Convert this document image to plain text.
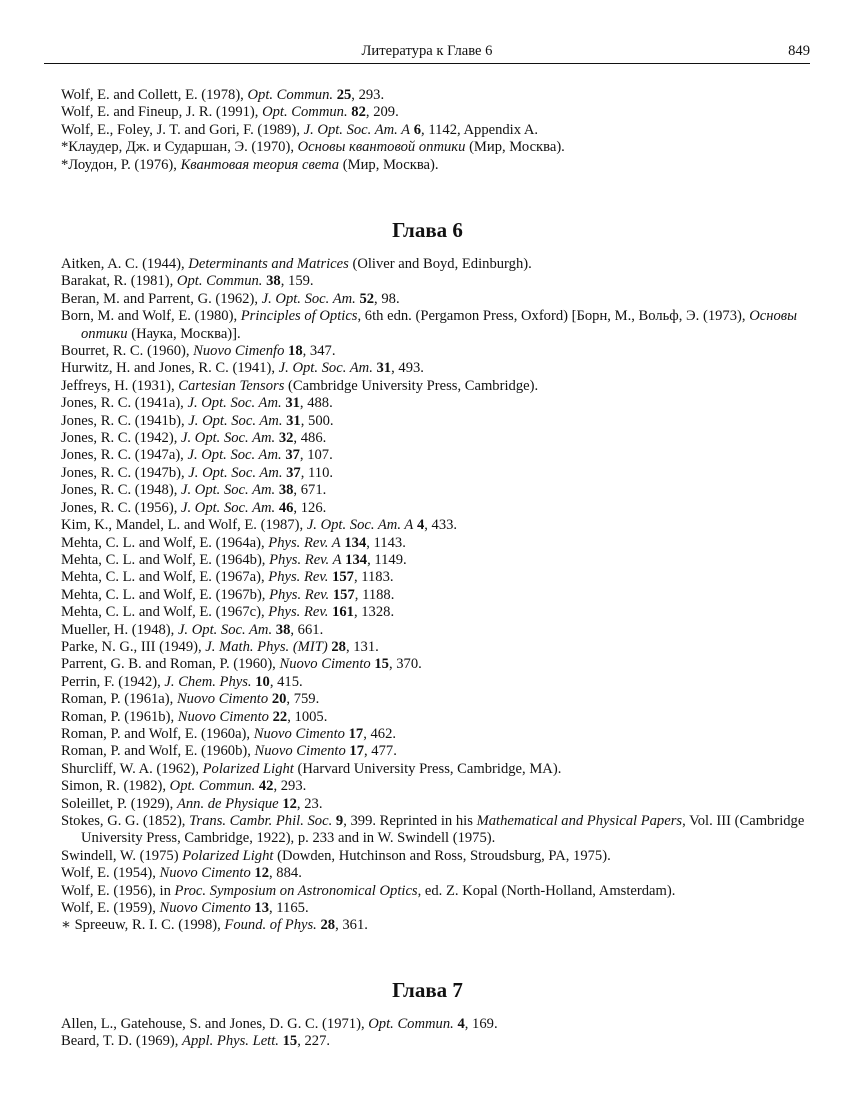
Литература к Главе 6	849
Wolf, E. and Collett, E. (1978), Opt. Commun. 25, 293.
Wolf, E. and Fineup, J. R. (1991), Opt. Commun. 82, 209.
Wolf, E., Foley, J. T. and Gori, F. (1989), J. Opt. Soc. Am. A 6, 1142, Appendix A.
*Клаудер, Дж. и Сударшан, Э. (1970), Основы квантовой оптики (Мир, Москва).
*Лоудон, Р. (1976), Квантовая теория света (Мир, Москва).
Глава 6
Aitken, A. C. (1944), Determinants and Matrices (Oliver and Boyd, Edinburgh).
Barakat, R. (1981), Opt. Commun. 38, 159.
Beran, M. and Parrent, G. (1962), J. Opt. Soc. Am. 52, 98.
Born, M. and Wolf, E. (1980), Principles of Optics, 6th edn. (Pergamon Press, Oxford) [Борн, М., Вольф, Э. (1973), Основы оптики (Наука, Москва)].
Bourret, R. C. (1960), Nuovo Cimenfo 18, 347.
Hurwitz, H. and Jones, R. C. (1941), J. Opt. Soc. Am. 31, 493.
Jeffreys, H. (1931), Cartesian Tensors (Cambridge University Press, Cambridge).
Jones, R. C. (1941a), J. Opt. Soc. Am. 31, 488.
Jones, R. C. (1941b), J. Opt. Soc. Am. 31, 500.
Jones, R. C. (1942), J. Opt. Soc. Am. 32, 486.
Jones, R. C. (1947a), J. Opt. Soc. Am. 37, 107.
Jones, R. C. (1947b), J. Opt. Soc. Am. 37, 110.
Jones, R. C. (1948), J. Opt. Soc. Am. 38, 671.
Jones, R. C. (1956), J. Opt. Soc. Am. 46, 126.
Kim, K., Mandel, L. and Wolf, E. (1987), J. Opt. Soc. Am. A 4, 433.
Mehta, C. L. and Wolf, E. (1964a), Phys. Rev. A 134, 1143.
Mehta, C. L. and Wolf, E. (1964b), Phys. Rev. A 134, 1149.
Mehta, C. L. and Wolf, E. (1967a), Phys. Rev. 157, 1183.
Mehta, C. L. and Wolf, E. (1967b), Phys. Rev. 157, 1188.
Mehta, C. L. and Wolf, E. (1967c), Phys. Rev. 161, 1328.
Mueller, H. (1948), J. Opt. Soc. Am. 38, 661.
Parke, N. G., III (1949), J. Math. Phys. (MIT) 28, 131.
Parrent, G. B. and Roman, P. (1960), Nuovo Cimento 15, 370.
Perrin, F. (1942), J. Chem. Phys. 10, 415.
Roman, P. (1961a), Nuovo Cimento 20, 759.
Roman, P. (1961b), Nuovo Cimento 22, 1005.
Roman, P. and Wolf, E. (1960a), Nuovo Cimento 17, 462.
Roman, P. and Wolf, E. (1960b), Nuovo Cimento 17, 477.
Shurcliff, W. A. (1962), Polarized Light (Harvard University Press, Cambridge, MA).
Simon, R. (1982), Opt. Commun. 42, 293.
Soleillet, P. (1929), Ann. de Physique 12, 23.
Stokes, G. G. (1852), Trans. Cambr. Phil. Soc. 9, 399. Reprinted in his Mathematical and Physical Papers, Vol. III (Cambridge University Press, Cambridge, 1922), p. 233 and in W. Swindell (1975).
Swindell, W. (1975) Polarized Light (Dowden, Hutchinson and Ross, Stroudsburg, PA, 1975).
Wolf, E. (1954), Nuovo Cimento 12, 884.
Wolf, E. (1956), in Proc. Symposium on Astronomical Optics, ed. Z. Kopal (North-Holland, Amsterdam).
Wolf, E. (1959), Nuovo Cimento 13, 1165.
∗ Spreeuw, R. I. C. (1998), Found. of Phys. 28, 361.
Глава 7
Allen, L., Gatehouse, S. and Jones, D. G. C. (1971), Opt. Commun. 4, 169.
Beard, T. D. (1969), Appl. Phys. Lett. 15, 227.
